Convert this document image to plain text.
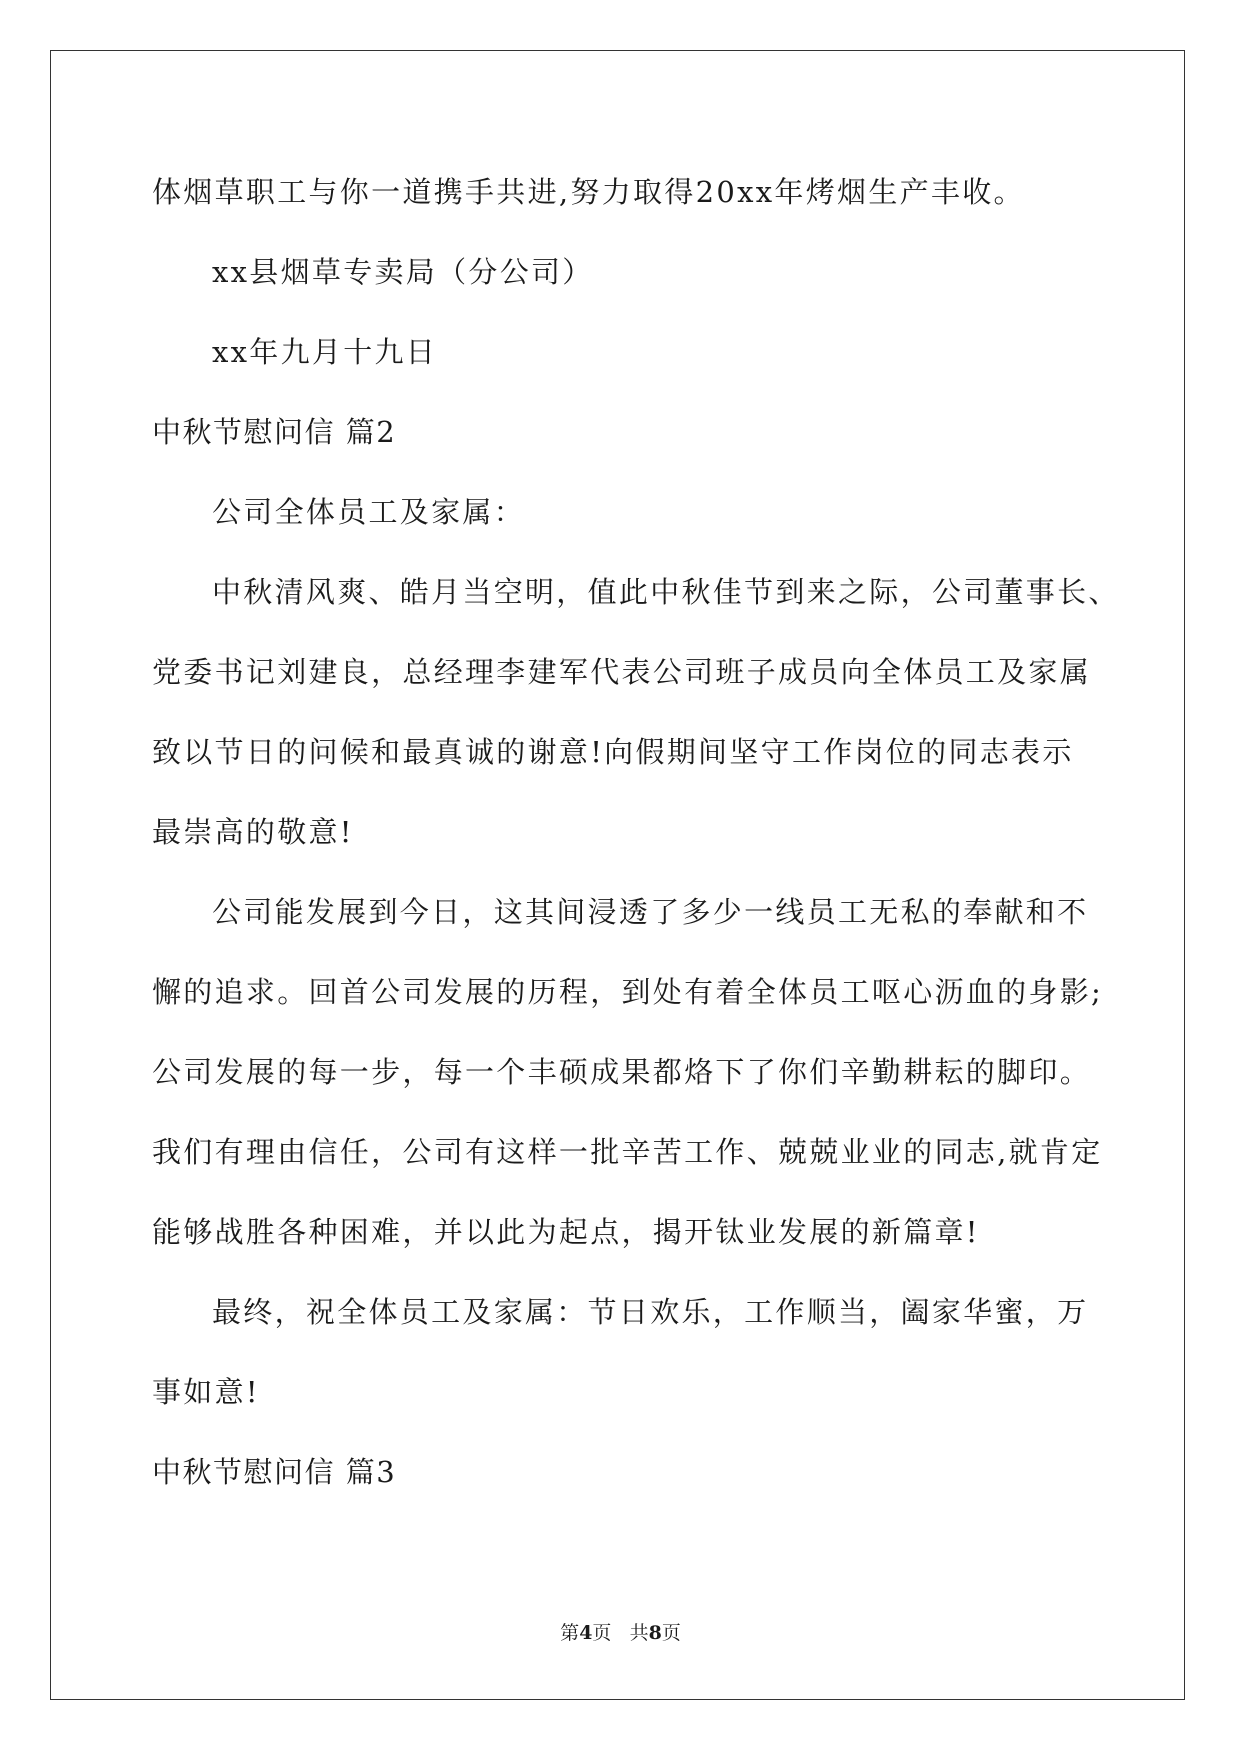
体烟草职工与你一道携手共进,努力取得20xx年烤烟生产丰收。
xx县烟草专卖局（分公司）
xx年九月十九日
中秋节慰问信 篇2
公司全体员工及家属：
中秋清风爽、皓月当空明，值此中秋佳节到来之际，公司董事长、
党委书记刘建良，总经理李建军代表公司班子成员向全体员工及家属
致以节日的问候和最真诚的谢意!向假期间坚守工作岗位的同志表示
最崇高的敬意!
公司能发展到今日，这其间浸透了多少一线员工无私的奉献和不
懈的追求。回首公司发展的历程，到处有着全体员工呕心沥血的身影;
公司发展的每一步，每一个丰硕成果都烙下了你们辛勤耕耘的脚印。
我们有理由信任，公司有这样一批辛苦工作、兢兢业业的同志,就肯定
能够战胜各种困难，并以此为起点，揭开钛业发展的新篇章!
最终，祝全体员工及家属：节日欢乐，工作顺当，阖家华蜜，万
事如意!
中秋节慰问信 篇3
第4页 共8页
